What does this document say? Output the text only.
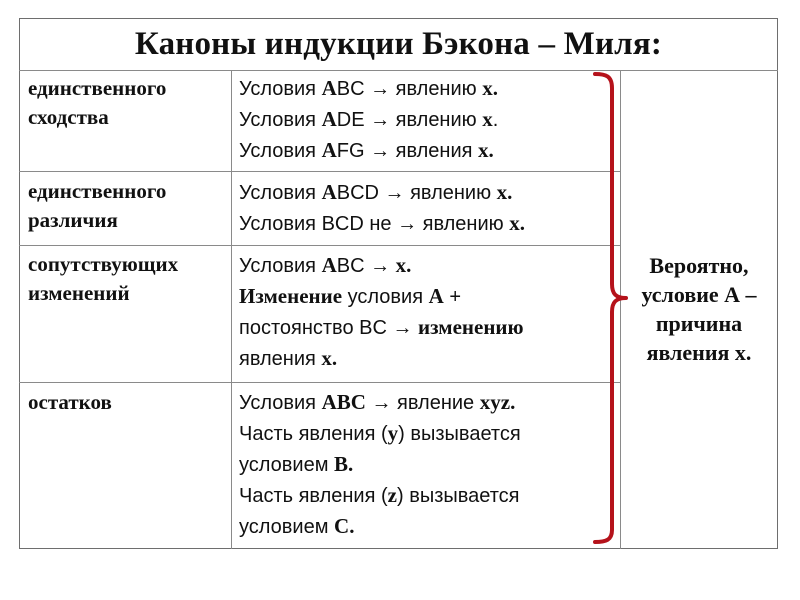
Каноны индукции Бэкона – Миля:
единственного сходства
Условия ABC → явлению x.
Условия ADE → явлению x.
Условия AFG → явления x.
единственного различия
Условия ABCD → явлению x.
Условия BCD не → явлению x.
сопутствующих изменений
Условия ABC → x.
Изменение условия A +
постоянство BC → изменению
явления x.
остатков	Условия ABC → явление xyz.
Часть явления (y) вызывается
условием B.
Часть явления (z) вызывается
условием C.
Вероятно, условие А – причина явления х.
